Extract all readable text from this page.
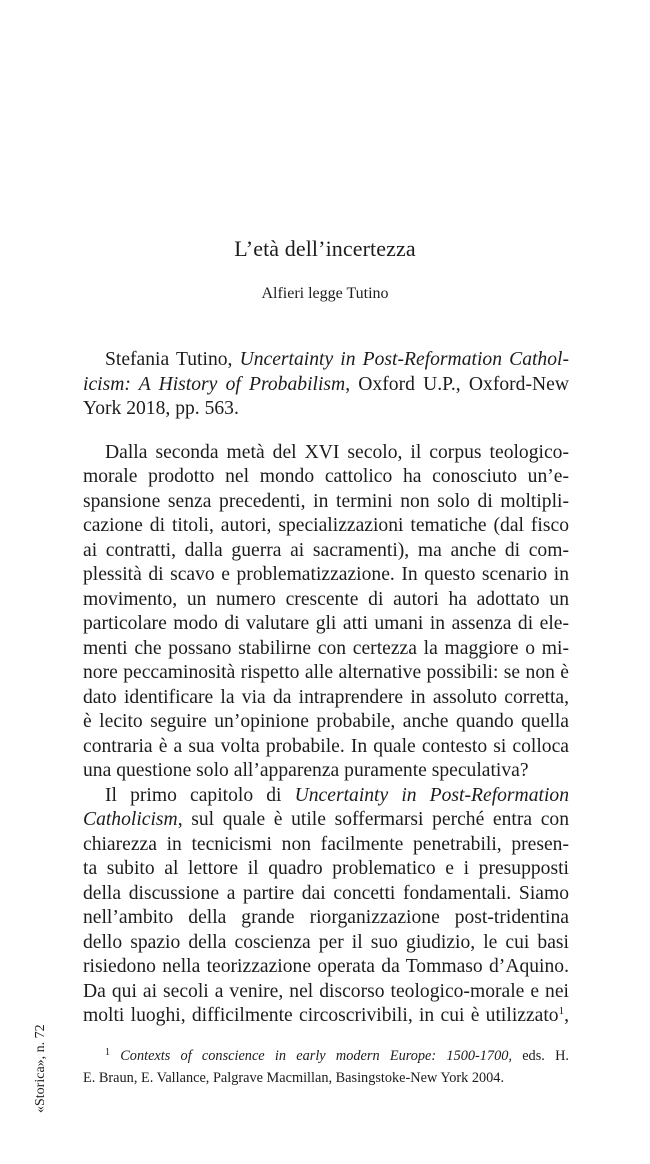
L’età dell’incertezza
Alfieri legge Tutino
Stefania Tutino, Uncertainty in Post-Reformation Cathol-
icism: A History of Probabilism, Oxford U.P., Oxford-New
York 2018, pp. 563.
Dalla seconda metà del XVI secolo, il corpus teologico-
morale prodotto nel mondo cattolico ha conosciuto un’e-
spansione senza precedenti, in termini non solo di moltipli-
cazione di titoli, autori, specializzazioni tematiche (dal fisco
ai contratti, dalla guerra ai sacramenti), ma anche di com-
plessità di scavo e problematizzazione. In questo scenario in
movimento, un numero crescente di autori ha adottato un
particolare modo di valutare gli atti umani in assenza di ele-
menti che possano stabilirne con certezza la maggiore o mi-
nore peccaminosità rispetto alle alternative possibili: se non è
dato identificare la via da intraprendere in assoluto corretta,
è lecito seguire un’opinione probabile, anche quando quella
contraria è a sua volta probabile. In quale contesto si colloca
una questione solo all’apparenza puramente speculativa?
Il primo capitolo di Uncertainty in Post-Reformation
Catholicism, sul quale è utile soffermarsi perché entra con
chiarezza in tecnicismi non facilmente penetrabili, presen-
ta subito al lettore il quadro problematico e i presupposti
della discussione a partire dai concetti fondamentali. Siamo
nell’ambito della grande riorganizzazione post-tridentina
dello spazio della coscienza per il suo giudizio, le cui basi
risiedono nella teorizzazione operata da Tommaso d’Aquino.
Da qui ai secoli a venire, nel discorso teologico-morale e nei
molti luoghi, difficilmente circoscrivibili, in cui è utilizzato$^1$,
$^1$ Contexts of conscience in early modern Europe: 1500-1700, eds. H.
E. Braun, E. Vallance, Palgrave Macmillan, Basingstoke-New York 2004.
«Storica», n. 72
